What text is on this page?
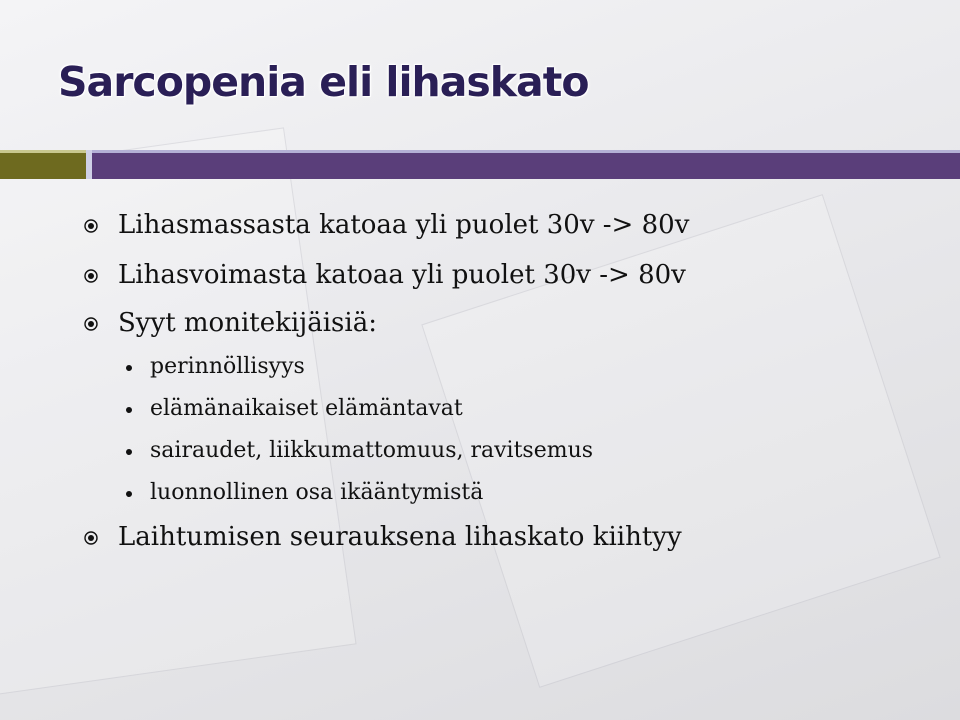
Sarcopenia eli lihaskato
Lihasmassasta katoaa yli puolet 30v -> 80v
Lihasvoimasta katoaa yli puolet 30v -> 80v
Syyt monitekijäisiä:
perinnöllisyys
elämänaikaiset elämäntavat
sairaudet, liikkumattomuus, ravitsemus
luonnollinen osa ikääntymistä
Laihtumisen seurauksena lihaskato kiihtyy
